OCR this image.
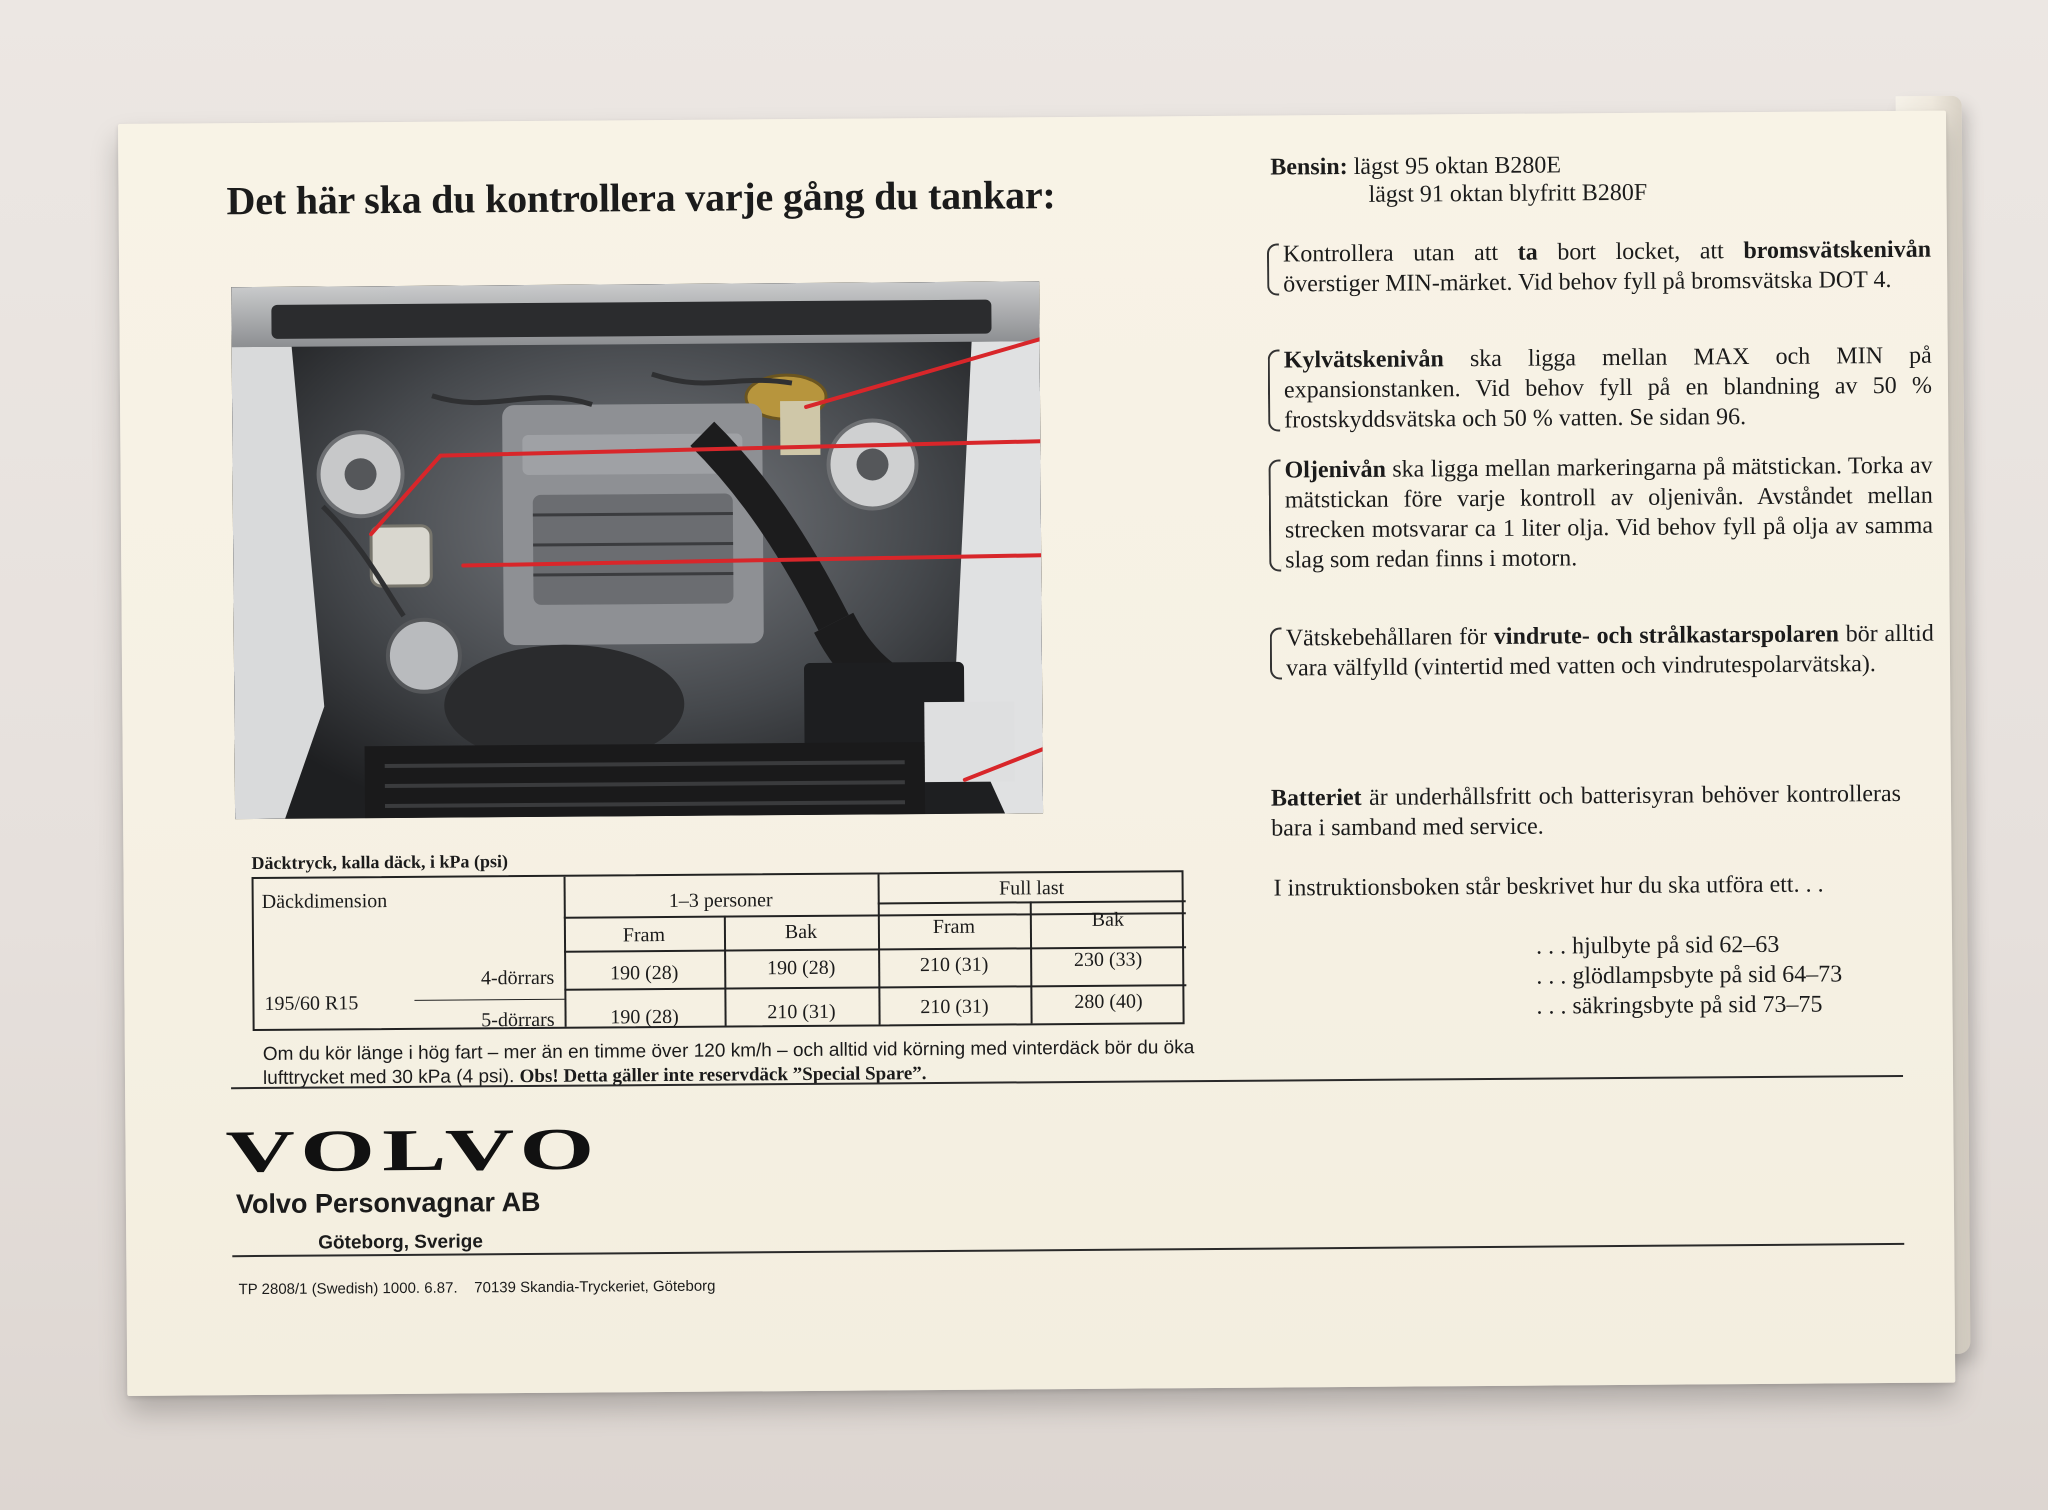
Det här ska du kontrollera varje gång du tankar:
Däcktryck, kalla däck, i kPa (psi)
Däckdimension	1–3 personer
Full last
Fram	Bak	Fram	Bak
195/60 R15
4-dörrars	190 (28)	190 (28)	210 (31)	230 (33)
5-dörrars	190 (28)	210 (31)	210 (31)	280 (40)
Om du kör länge i hög fart – mer än en timme över 120 km/h – och alltid vid körning med vinterdäck bör du öka lufttrycket med 30 kPa (4 psi). Obs! Detta gäller inte reservdäck ”Special Spare”.
Bensin: lägst 95 oktan B280E
lägst 91 oktan blyfritt B280F
Kontrollera utan att ta bort locket, att bromsvätskenivån överstiger MIN-märket. Vid behov fyll på bromsvätska DOT 4.
Kylvätskenivån ska ligga mellan MAX och MIN på expansionstanken. Vid behov fyll på en blandning av 50 % frostskyddsvätska och 50 % vatten. Se sidan 96.
Oljenivån ska ligga mellan markeringarna på mätstickan. Torka av mätstickan före varje kontroll av oljenivån. Avståndet mellan strecken motsvarar ca 1 liter olja. Vid behov fyll på olja av samma slag som redan finns i motorn.
Vätskebehållaren för vindrute- och strålkastarspolaren bör alltid vara välfylld (vintertid med vatten och vindrutespolarvätska).
Batteriet är underhållsfritt och batterisyran behöver kontrolleras bara i samband med service.
I instruktionsboken står beskrivet hur du ska utföra ett. . .
. . . hjulbyte på sid 62–63
. . . glödlampsbyte på sid 64–73
. . . säkringsbyte på sid 73–75
VOLVO
Volvo Personvagnar AB
Göteborg, Sverige
TP 2808/1 (Swedish) 1000. 6.87. 70139 Skandia-Tryckeriet, Göteborg
